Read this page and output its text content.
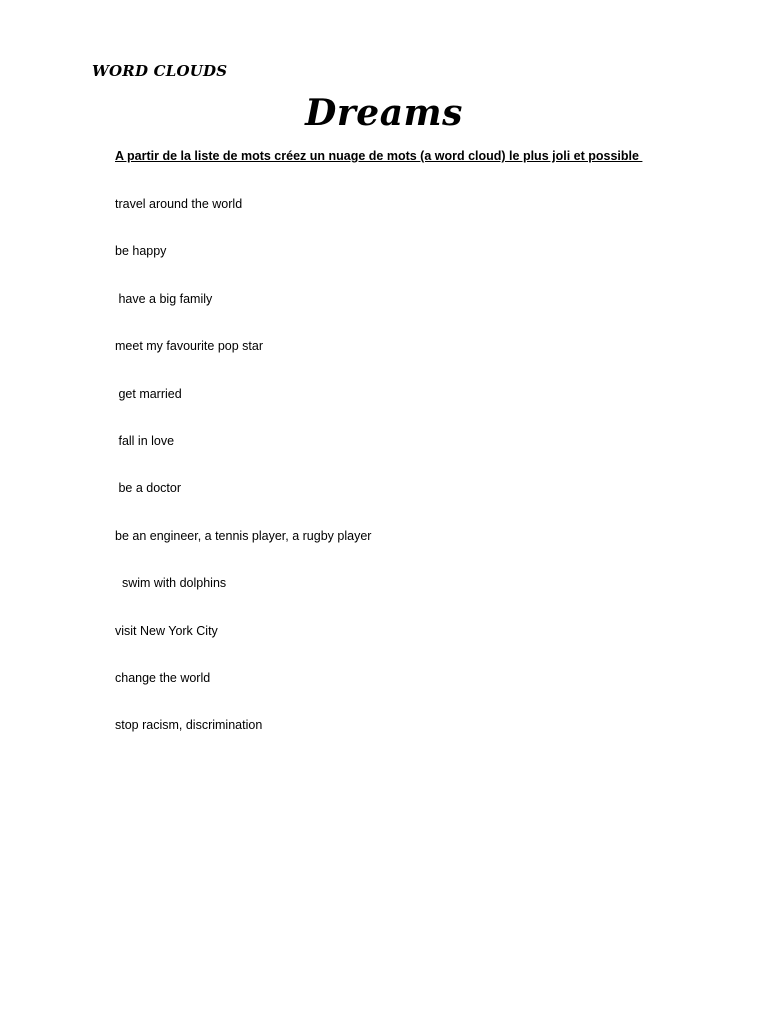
WORD CLOUDS
Dreams
A partir de la liste de mots créez un nuage de mots (a word cloud) le plus joli et possible
travel around the world
be happy
have a big family
meet my favourite pop star
get married
fall in love
be a doctor
be an engineer, a tennis player, a rugby player
swim with dolphins
visit New York City
change the world
stop racism, discrimination
